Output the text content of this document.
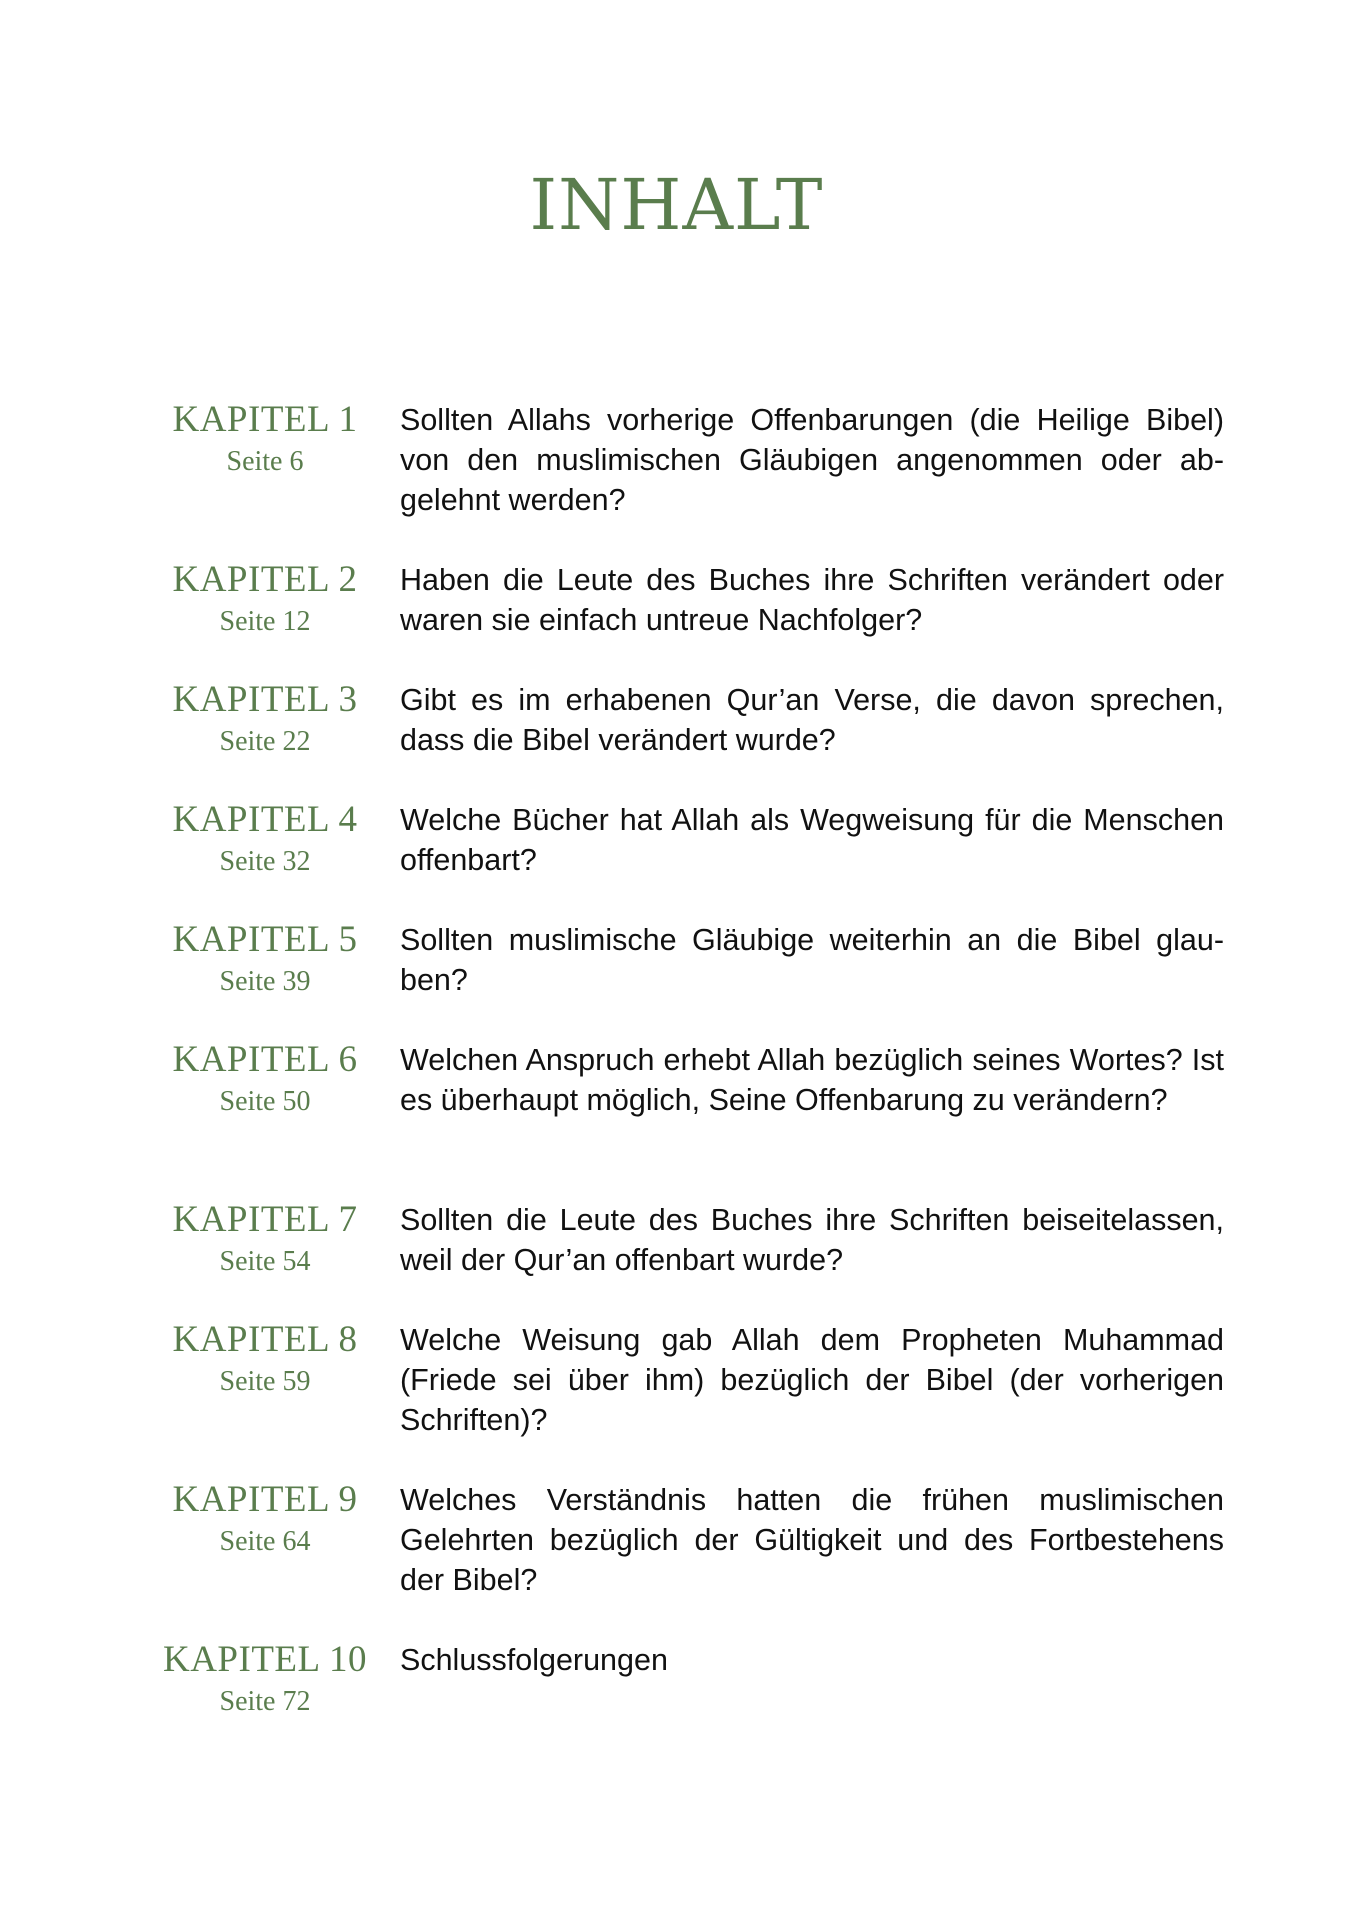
INHALT
KAPITEL 1
Seite 6
Sollten Allahs vorherige Offenbarungen (die Heilige Bibel) von den muslimischen Gläubigen angenommen oder abgelehnt werden?
KAPITEL 2
Seite 12
Haben die Leute des Buches ihre Schriften verändert oder waren sie einfach untreue Nachfolger?
KAPITEL 3
Seite 22
Gibt es im erhabenen Qur’an Verse, die davon sprechen, dass die Bibel verändert wurde?
KAPITEL 4
Seite 32
Welche Bücher hat Allah als Wegweisung für die Menschen offenbart?
KAPITEL 5
Seite 39
Sollten muslimische Gläubige weiterhin an die Bibel glauben?
KAPITEL 6
Seite 50
Welchen Anspruch erhebt Allah bezüglich seines Wortes? Ist es überhaupt möglich, Seine Offenbarung zu verändern?
KAPITEL 7
Seite 54
Sollten die Leute des Buches ihre Schriften beiseitelassen, weil der Qur’an offenbart wurde?
KAPITEL 8
Seite 59
Welche Weisung gab Allah dem Propheten Muhammad (Friede sei über ihm) bezüglich der Bibel (der vorherigen Schriften)?
KAPITEL 9
Seite 64
Welches Verständnis hatten die frühen muslimischen Gelehrten bezüglich der Gültigkeit und des Fortbestehens der Bibel?
KAPITEL 10
Seite 72
Schlussfolgerungen
